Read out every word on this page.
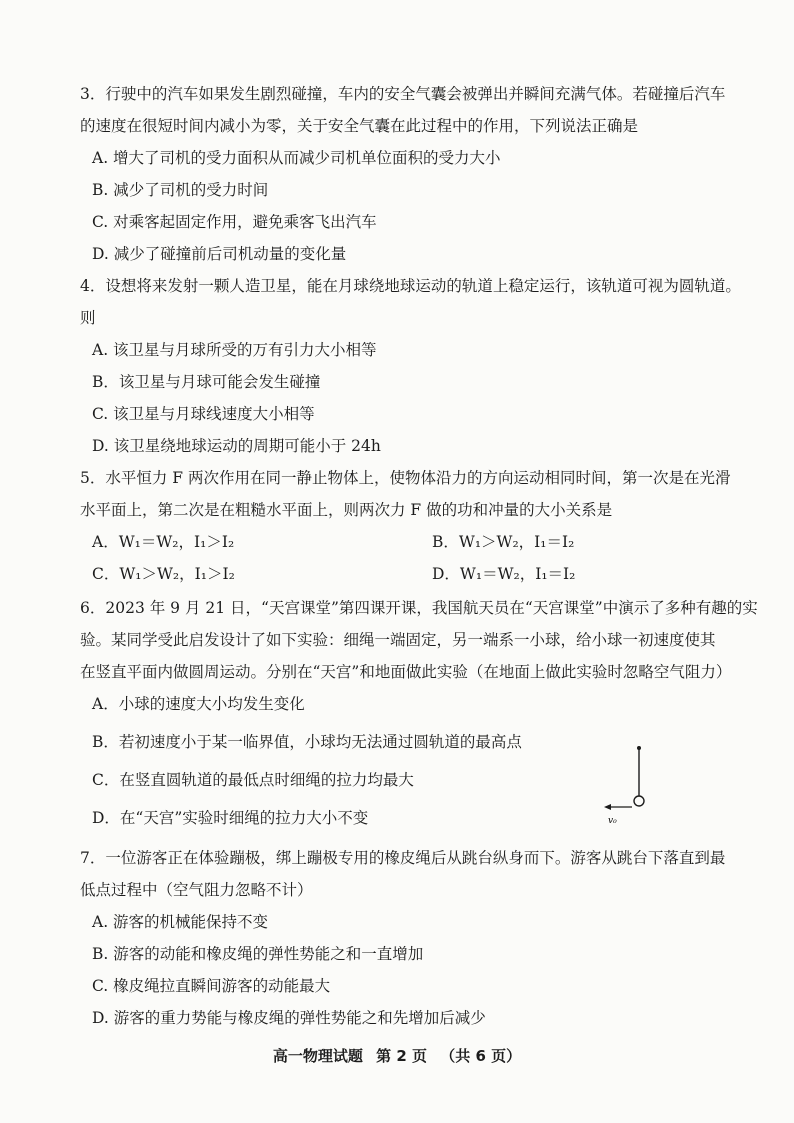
3．行驶中的汽车如果发生剧烈碰撞，车内的安全气囊会被弹出并瞬间充满气体。若碰撞后汽车
的速度在很短时间内减小为零，关于安全气囊在此过程中的作用，下列说法正确是
A. 增大了司机的受力面积从而减少司机单位面积的受力大小
B. 减少了司机的受力时间
C. 对乘客起固定作用，避免乘客飞出汽车
D. 减少了碰撞前后司机动量的变化量
4．设想将来发射一颗人造卫星，能在月球绕地球运动的轨道上稳定运行，该轨道可视为圆轨道。
则
A. 该卫星与月球所受的万有引力大小相等
B．该卫星与月球可能会发生碰撞
C. 该卫星与月球线速度大小相等
D. 该卫星绕地球运动的周期可能小于 24h
5．水平恒力 F 两次作用在同一静止物体上，使物体沿力的方向运动相同时间，第一次是在光滑
水平面上，第二次是在粗糙水平面上，则两次力 F 做的功和冲量的大小关系是
A．W₁＝W₂，I₁＞I₂	B．W₁＞W₂，I₁＝I₂
C．W₁＞W₂，I₁＞I₂	D．W₁＝W₂，I₁＝I₂
6．2023 年 9 月 21 日，“天宫课堂”第四课开课，我国航天员在“天宫课堂”中演示了多种有趣的实
验。某同学受此启发设计了如下实验：细绳一端固定，另一端系一小球，给小球一初速度使其
在竖直平面内做圆周运动。分别在“天宫”和地面做此实验（在地面上做此实验时忽略空气阻力）
A．小球的速度大小均发生变化
B．若初速度小于某一临界值，小球均无法通过圆轨道的最高点
C．在竖直圆轨道的最低点时细绳的拉力均最大
D．在“天宫”实验时细绳的拉力大小不变	v₀
7．一位游客正在体验蹦极，绑上蹦极专用的橡皮绳后从跳台纵身而下。游客从跳台下落直到最
低点过程中（空气阻力忽略不计）
A. 游客的机械能保持不变
B. 游客的动能和橡皮绳的弹性势能之和一直增加
C. 橡皮绳拉直瞬间游客的动能最大
D. 游客的重力势能与橡皮绳的弹性势能之和先增加后减少
高一物理试题 第 2 页 （共 6 页）
